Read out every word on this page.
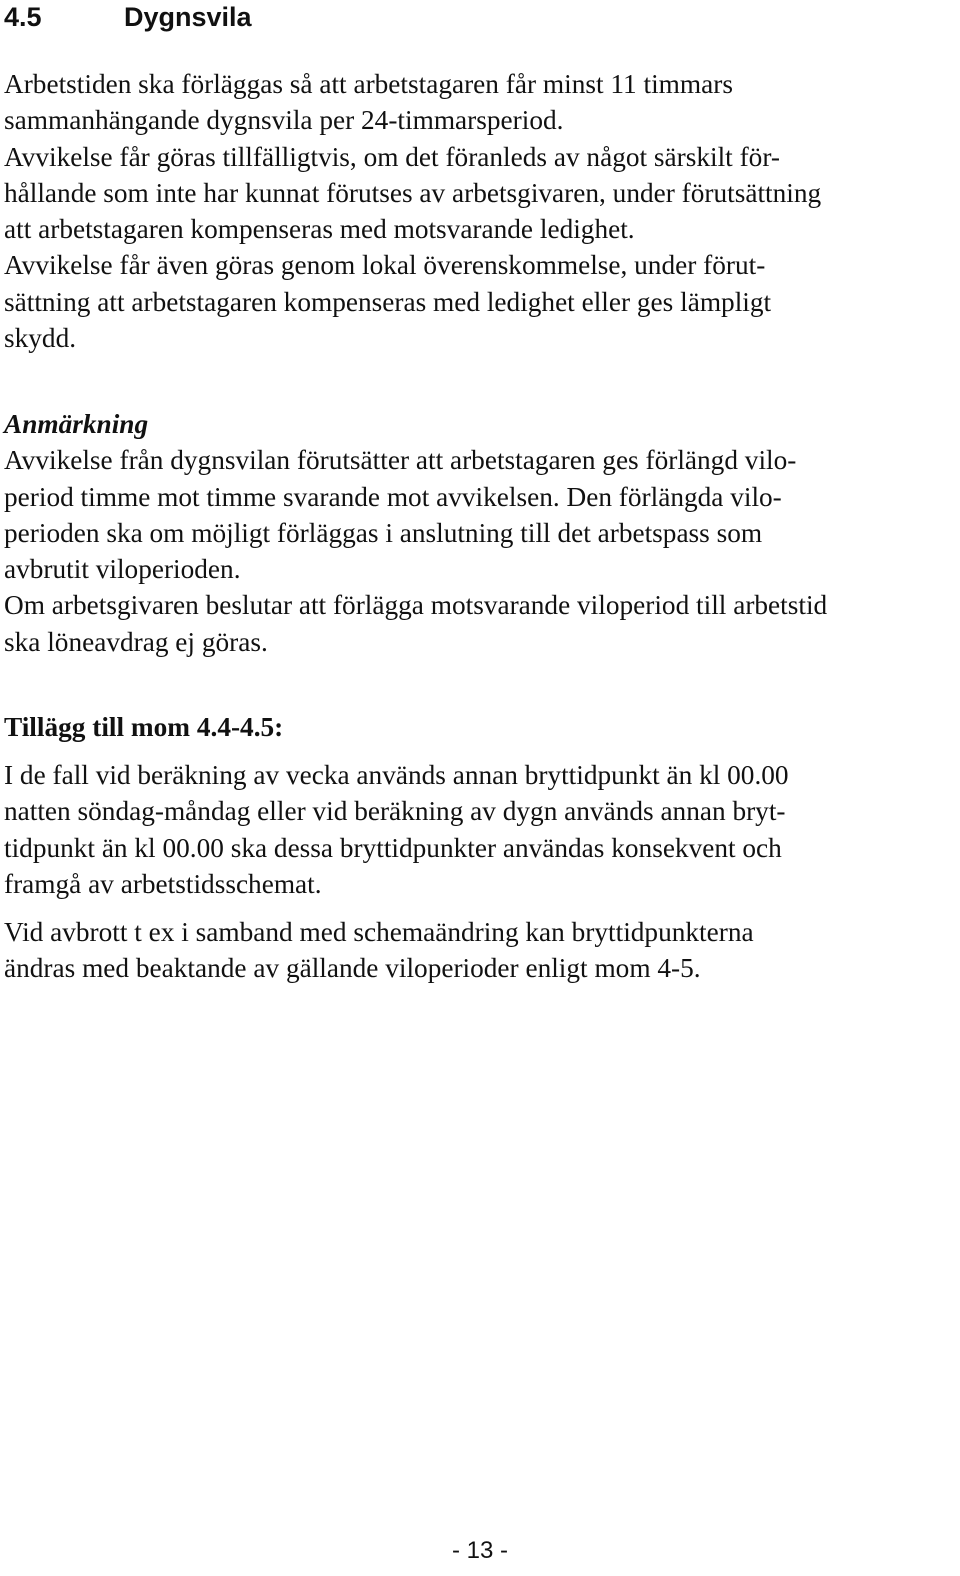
4.5	Dygnsvila

Arbetstiden ska förläggas så att arbetstagaren får minst 11 timmars
sammanhängande dygnsvila per 24-timmarsperiod.
Avvikelse får göras tillfälligtvis, om det föranleds av något särskilt för-
hållande som inte har kunnat förutses av arbetsgivaren, under förutsättning
att arbetstagaren kompenseras med motsvarande ledighet.
Avvikelse får även göras genom lokal överenskommelse, under förut-
sättning att arbetstagaren kompenseras med ledighet eller ges lämpligt
skydd.

Anmärkning

Avvikelse från dygnsvilan förutsätter att arbetstagaren ges förlängd vilo-
period timme mot timme svarande mot avvikelsen. Den förlängda vilo-
perioden ska om möjligt förläggas i anslutning till det arbetspass som
avbrutit viloperioden.
Om arbetsgivaren beslutar att förlägga motsvarande viloperiod till arbetstid
ska löneavdrag ej göras.

Tillägg till mom 4.4-4.5:

I de fall vid beräkning av vecka används annan bryttidpunkt än kl 00.00
natten söndag-måndag eller vid beräkning av dygn används annan bryt-
tidpunkt än kl 00.00 ska dessa bryttidpunkter användas konsekvent och
framgå av arbetstidsschemat.

Vid avbrott t ex i samband med schemaändring kan bryttidpunkterna
ändras med beaktande av gällande viloperioder enligt mom 4-5.

- 13 -
